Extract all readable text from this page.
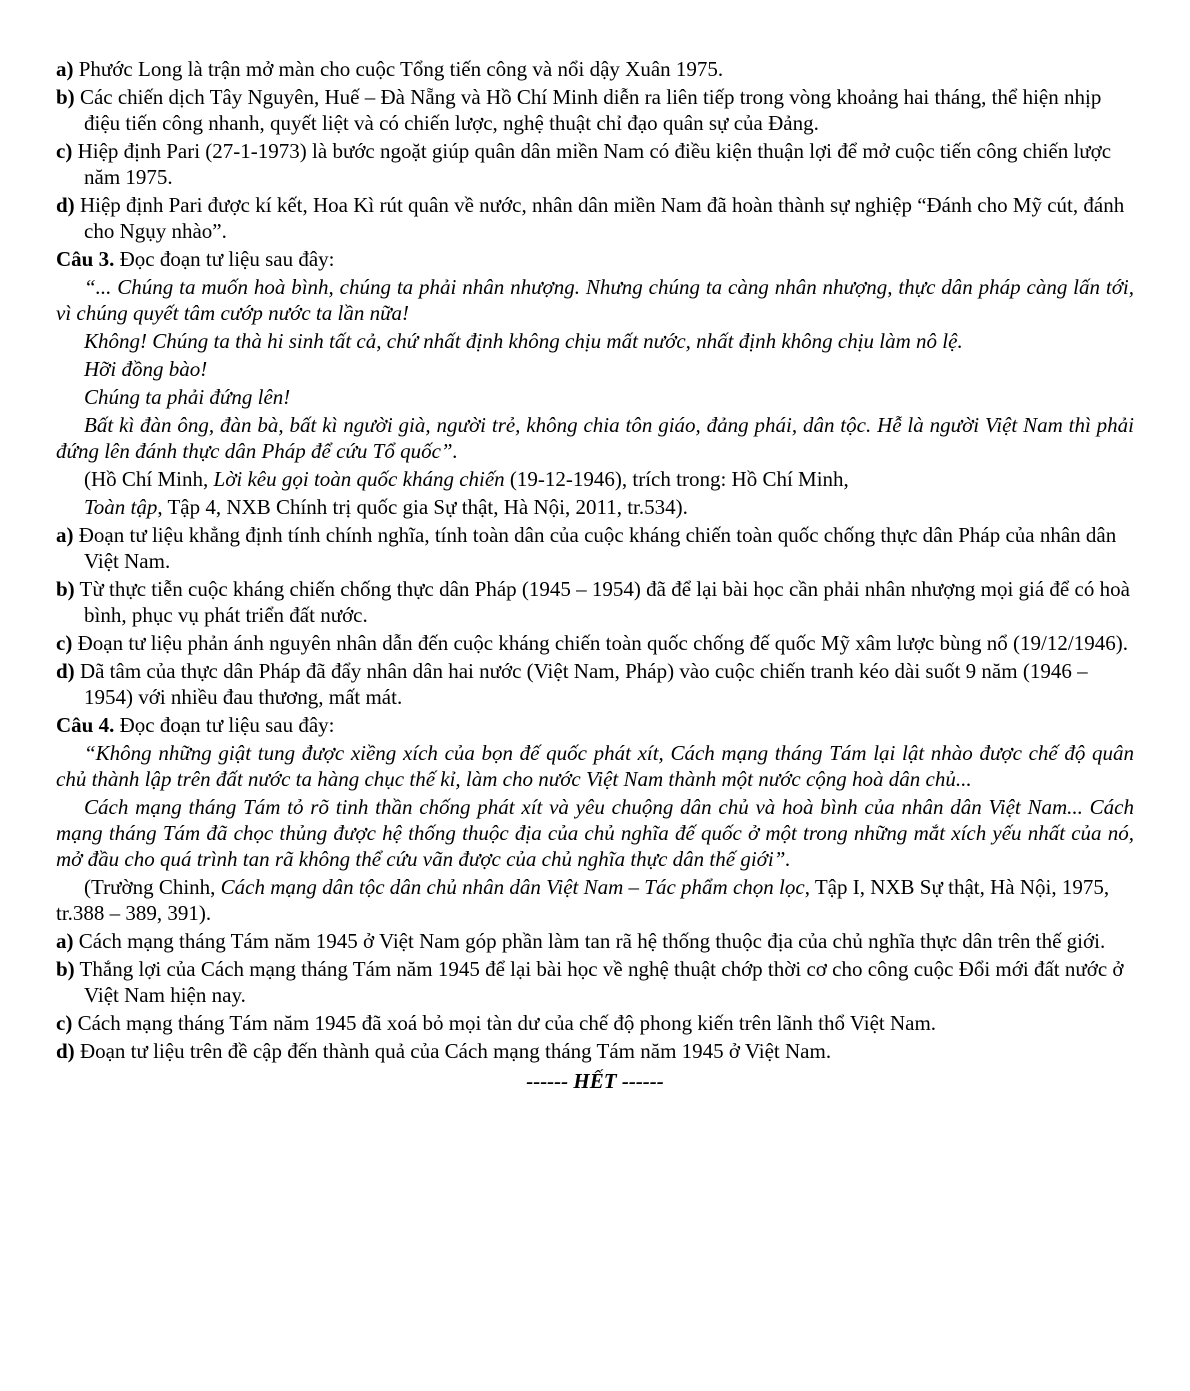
a) Phước Long là trận mở màn cho cuộc Tổng tiến công và nổi dậy Xuân 1975.

b) Các chiến dịch Tây Nguyên, Huế – Đà Nẵng và Hồ Chí Minh diễn ra liên tiếp trong vòng khoảng hai tháng, thể hiện nhịp điệu tiến công nhanh, quyết liệt và có chiến lược, nghệ thuật chỉ đạo quân sự của Đảng.

c) Hiệp định Pari (27-1-1973) là bước ngoặt giúp quân dân miền Nam có điều kiện thuận lợi để mở cuộc tiến công chiến lược năm 1975.

d) Hiệp định Pari được kí kết, Hoa Kì rút quân về nước, nhân dân miền Nam đã hoàn thành sự nghiệp “Đánh cho Mỹ cút, đánh cho Ngụy nhào”.

Câu 3. Đọc đoạn tư liệu sau đây:

“... Chúng ta muốn hoà bình, chúng ta phải nhân nhượng. Nhưng chúng ta càng nhân nhượng, thực dân pháp càng lấn tới, vì chúng quyết tâm cướp nước ta lần nữa!

Không! Chúng ta thà hi sinh tất cả, chứ nhất định không chịu mất nước, nhất định không chịu làm nô lệ.

Hỡi đồng bào!

Chúng ta phải đứng lên!

Bất kì đàn ông, đàn bà, bất kì người già, người trẻ, không chia tôn giáo, đảng phái, dân tộc. Hễ là người Việt Nam thì phải đứng lên đánh thực dân Pháp để cứu Tổ quốc”.

(Hồ Chí Minh, Lời kêu gọi toàn quốc kháng chiến (19-12-1946), trích trong: Hồ Chí Minh,

Toàn tập, Tập 4, NXB Chính trị quốc gia Sự thật, Hà Nội, 2011, tr.534).

a) Đoạn tư liệu khẳng định tính chính nghĩa, tính toàn dân của cuộc kháng chiến toàn quốc chống thực dân Pháp của nhân dân Việt Nam.

b) Từ thực tiễn cuộc kháng chiến chống thực dân Pháp (1945 – 1954) đã để lại bài học cần phải nhân nhượng mọi giá để có hoà bình, phục vụ phát triển đất nước.

c) Đoạn tư liệu phản ánh nguyên nhân dẫn đến cuộc kháng chiến toàn quốc chống đế quốc Mỹ xâm lược bùng nổ (19/12/1946).

d) Dã tâm của thực dân Pháp đã đẩy nhân dân hai nước (Việt Nam, Pháp) vào cuộc chiến tranh kéo dài suốt 9 năm (1946 – 1954) với nhiều đau thương, mất mát.

Câu 4. Đọc đoạn tư liệu sau đây:

“Không những giật tung được xiềng xích của bọn đế quốc phát xít, Cách mạng tháng Tám lại lật nhào được chế độ quân chủ thành lập trên đất nước ta hàng chục thế kỉ, làm cho nước Việt Nam thành một nước cộng hoà dân chủ...

Cách mạng tháng Tám tỏ rõ tinh thần chống phát xít và yêu chuộng dân chủ và hoà bình của nhân dân Việt Nam... Cách mạng tháng Tám đã chọc thủng được hệ thống thuộc địa của chủ nghĩa đế quốc ở một trong những mắt xích yếu nhất của nó, mở đầu cho quá trình tan rã không thể cứu vãn được của chủ nghĩa thực dân thế giới”.

(Trường Chinh, Cách mạng dân tộc dân chủ nhân dân Việt Nam – Tác phẩm chọn lọc, Tập I, NXB Sự thật, Hà Nội, 1975, tr.388 – 389, 391).

a) Cách mạng tháng Tám năm 1945 ở Việt Nam góp phần làm tan rã hệ thống thuộc địa của chủ nghĩa thực dân trên thế giới.

b) Thắng lợi của Cách mạng tháng Tám năm 1945 để lại bài học về nghệ thuật chớp thời cơ cho công cuộc Đổi mới đất nước ở Việt Nam hiện nay.

c) Cách mạng tháng Tám năm 1945 đã xoá bỏ mọi tàn dư của chế độ phong kiến trên lãnh thổ Việt Nam.

d) Đoạn tư liệu trên đề cập đến thành quả của Cách mạng tháng Tám năm 1945 ở Việt Nam.

------ HẾT ------
